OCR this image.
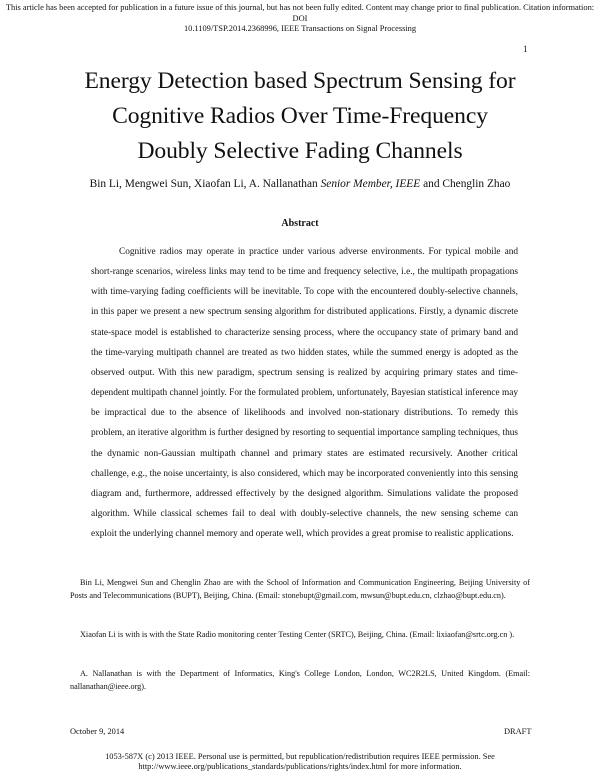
This article has been accepted for publication in a future issue of this journal, but has not been fully edited. Content may change prior to final publication. Citation information: DOI
10.1109/TSP.2014.2368996, IEEE Transactions on Signal Processing
1
Energy Detection based Spectrum Sensing for
Cognitive Radios Over Time-Frequency
Doubly Selective Fading Channels
Bin Li, Mengwei Sun, Xiaofan Li, A. Nallanathan Senior Member, IEEE and Chenglin Zhao
Abstract

Cognitive radios may operate in practice under various adverse environments. For typical mobile and short-range scenarios, wireless links may tend to be time and frequency selective, i.e., the multipath propagations with time-varying fading coefficients will be inevitable. To cope with the encountered doubly-selective channels, in this paper we present a new spectrum sensing algorithm for distributed applications. Firstly, a dynamic discrete state-space model is established to characterize sensing process, where the occupancy state of primary band and the time-varying multipath channel are treated as two hidden states, while the summed energy is adopted as the observed output. With this new paradigm, spectrum sensing is realized by acquiring primary states and time-dependent multipath channel jointly. For the formulated problem, unfortunately, Bayesian statistical inference may be impractical due to the absence of likelihoods and involved non-stationary distributions. To remedy this problem, an iterative algorithm is further designed by resorting to sequential importance sampling techniques, thus the dynamic non-Gaussian multipath channel and primary states are estimated recursively. Another critical challenge, e.g., the noise uncertainty, is also considered, which may be incorporated conveniently into this sensing diagram and, furthermore, addressed effectively by the designed algorithm. Simulations validate the proposed algorithm. While classical schemes fail to deal with doubly-selective channels, the new sensing scheme can exploit the underlying channel memory and operate well, which provides a great promise to realistic applications.

Bin Li, Mengwei Sun and Chenglin Zhao are with the School of Information and Communication Engineering, Beijing University of Posts and Telecommunications (BUPT), Beijing, China. (Email: stonebupt@gmail.com, mwsun@bupt.edu.cn, clzhao@bupt.edu.cn).

Xiaofan Li is with is with the State Radio monitoring center Testing Center (SRTC), Beijing, China. (Email: lixiaofan@srtc.org.cn ).

A. Nallanathan is with the Department of Informatics, King's College London, London, WC2R2LS, United Kingdom. (Email: nallanathan@ieee.org).

October 9, 2014	DRAFT
1053-587X (c) 2013 IEEE. Personal use is permitted, but republication/redistribution requires IEEE permission. See
http://www.ieee.org/publications_standards/publications/rights/index.html for more information.
